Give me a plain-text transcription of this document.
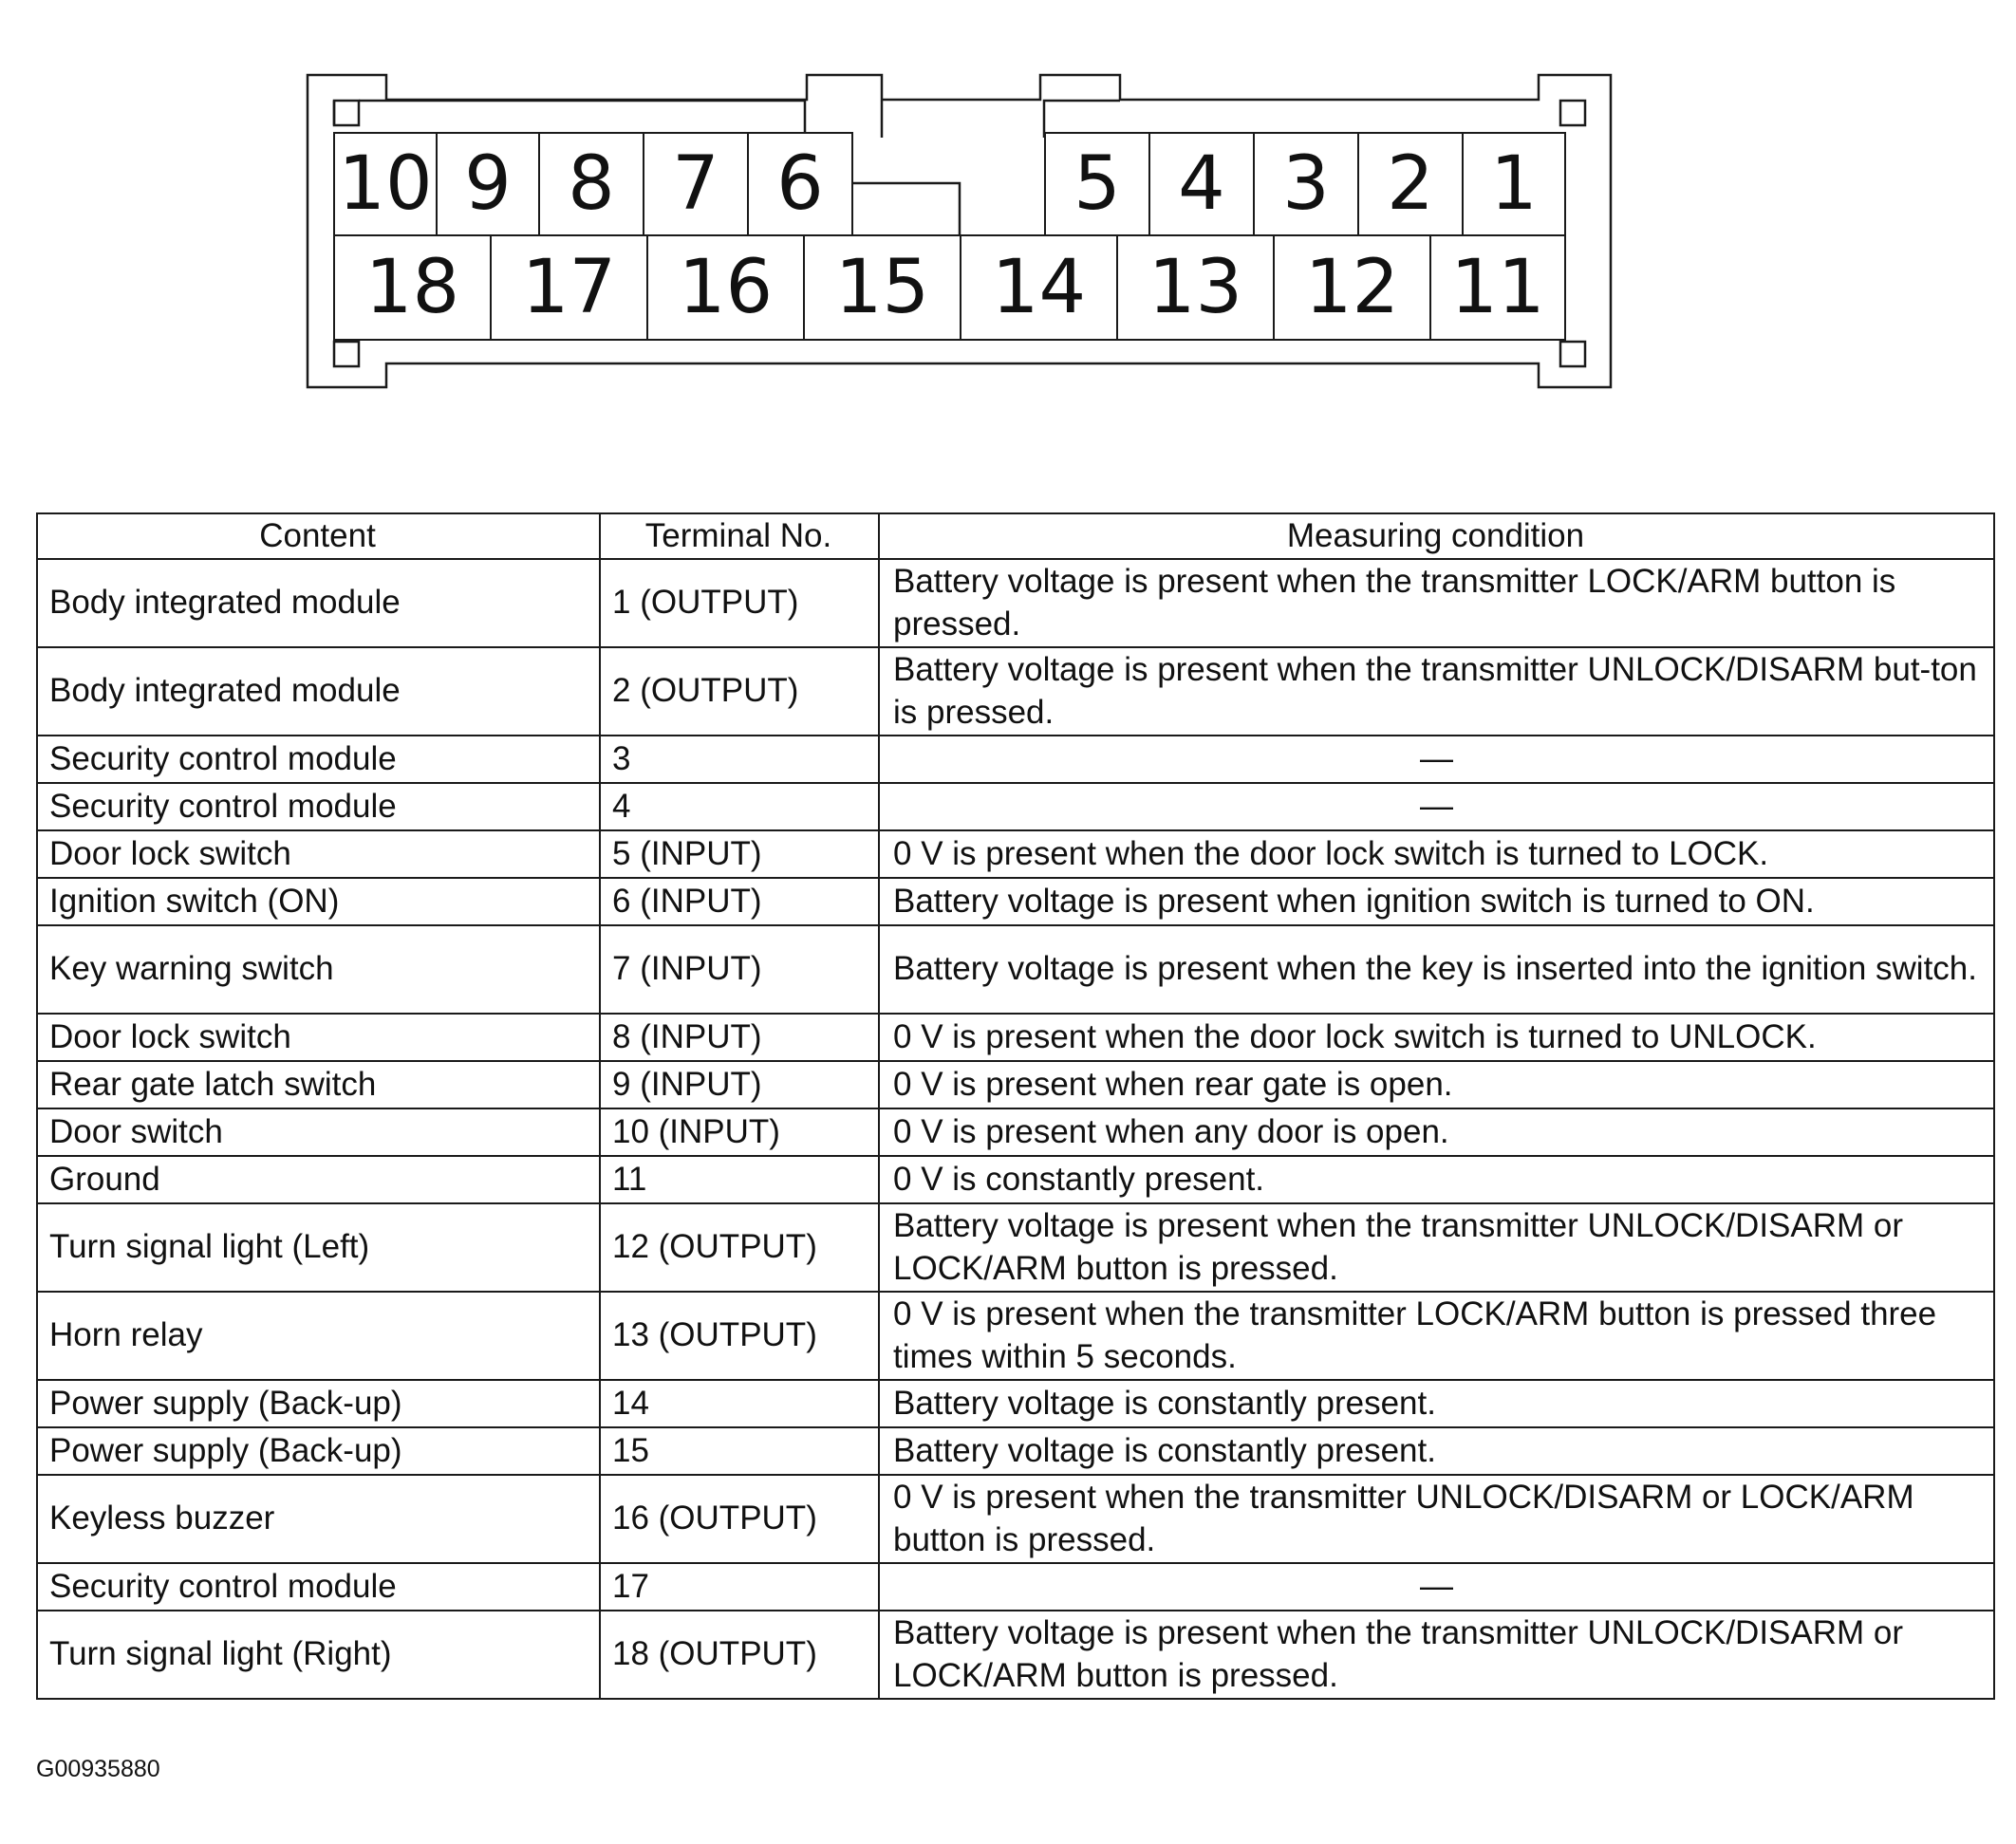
10 9 8 7 6	5 4 3 2 1
18 17 16 15 14 13 12 11
Content	Terminal No.	Measuring condition
Body integrated module	1 (OUTPUT)	Battery voltage is present when the transmitter LOCK/ARM button is pressed.
Body integrated module	2 (OUTPUT)	Battery voltage is present when the transmitter UNLOCK/DISARM but-ton is pressed.
Security control module	3	—
Security control module	4	—
Door lock switch	5 (INPUT)	0 V is present when the door lock switch is turned to LOCK.
Ignition switch (ON)	6 (INPUT)	Battery voltage is present when ignition switch is turned to ON.
Key warning switch	7 (INPUT)	Battery voltage is present when the key is inserted into the ignition switch.
Door lock switch	8 (INPUT)	0 V is present when the door lock switch is turned to UNLOCK.
Rear gate latch switch	9 (INPUT)	0 V is present when rear gate is open.
Door switch	10 (INPUT)	0 V is present when any door is open.
Ground	11	0 V is constantly present.
Turn signal light (Left)	12 (OUTPUT)	Battery voltage is present when the transmitter UNLOCK/DISARM or LOCK/ARM button is pressed.
Horn relay	13 (OUTPUT)	0 V is present when the transmitter LOCK/ARM button is pressed three times within 5 seconds.
Power supply (Back-up)	14	Battery voltage is constantly present.
Power supply (Back-up)	15	Battery voltage is constantly present.
Keyless buzzer	16 (OUTPUT)	0 V is present when the transmitter UNLOCK/DISARM or LOCK/ARM button is pressed.
Security control module	17	—
Turn signal light (Right)	18 (OUTPUT)	Battery voltage is present when the transmitter UNLOCK/DISARM or LOCK/ARM button is pressed.
G00935880
